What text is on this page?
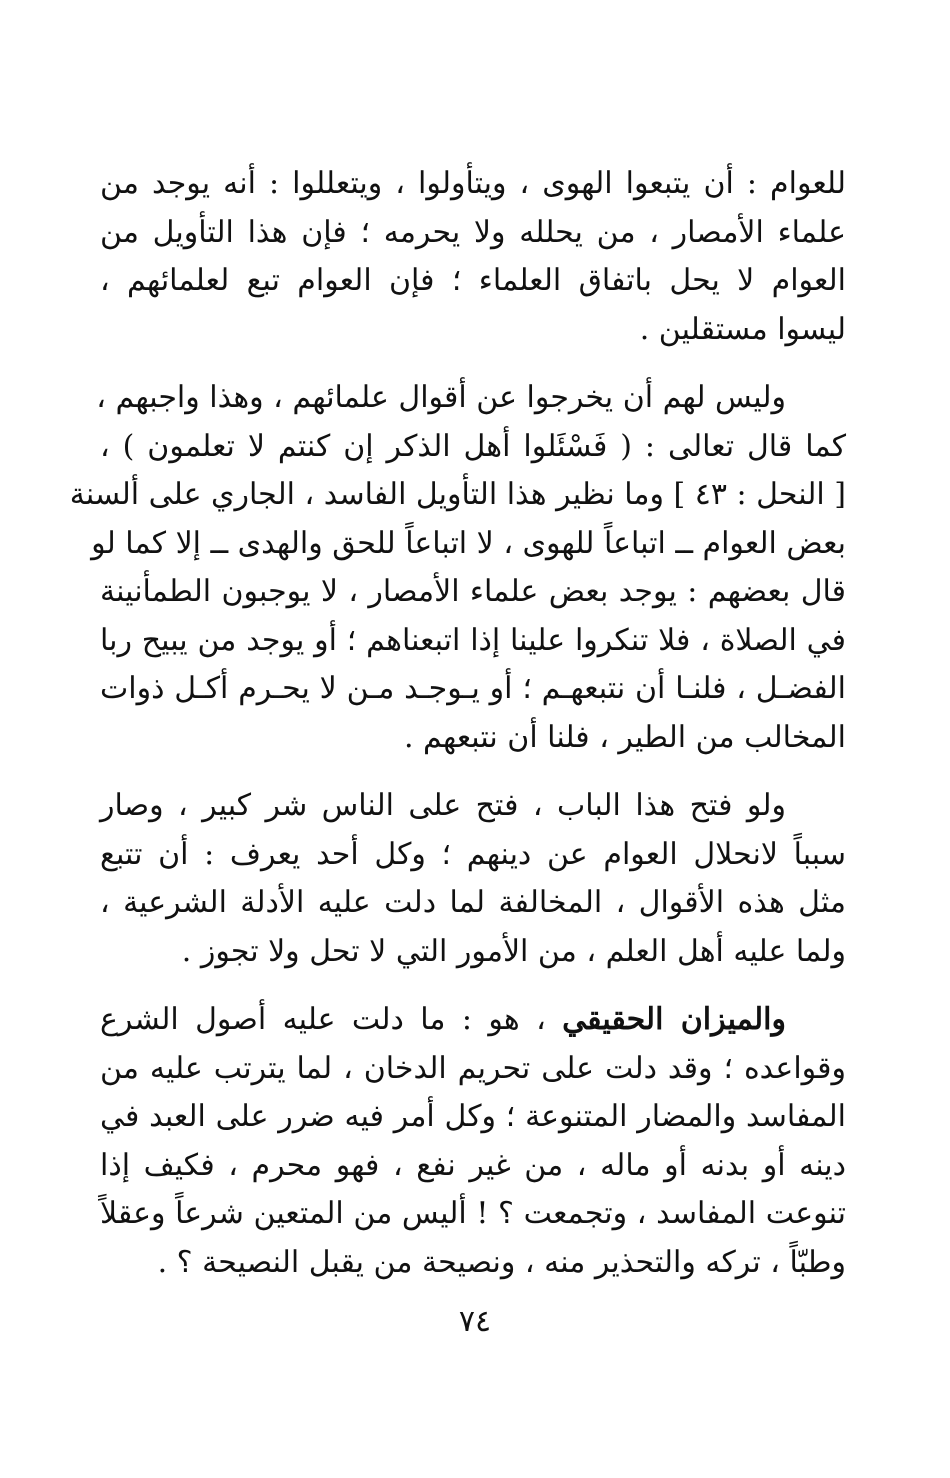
للعوام : أن يتبعوا الهوى ، ويتأولوا ، ويتعللوا : أنه يوجد من
علماء الأمصار ، من يحلله ولا يحرمه ؛ فإن هذا التأويل من
العوام لا يحل باتفاق العلماء ؛ فإن العوام تبع لعلمائهم ،
ليسوا مستقلين .

وليس لهم أن يخرجوا عن أقوال علمائهم ، وهذا واجبهم ،
كما قال تعالى : ( فَسْئَلوا أهل الذكر إن كنتم لا تعلمون ) ،
[ النحل : ٤٣ ] وما نظير هذا التأويل الفاسد ، الجاري على ألسنة
بعض العوام ــ اتباعاً للهوى ، لا اتباعاً للحق والهدى ــ إلا كما لو
قال بعضهم : يوجد بعض علماء الأمصار ، لا يوجبون الطمأنينة
في الصلاة ، فلا تنكروا علينا إذا اتبعناهم ؛ أو يوجد من يبيح ربا
الفضـل ، فلنـا أن نتبعهـم ؛ أو يـوجـد مـن لا يحـرم أكـل ذوات
المخالب من الطير ، فلنا أن نتبعهم .

ولو فتح هذا الباب ، فتح على الناس شر كبير ، وصار
سبباً لانحلال العوام عن دينهم ؛ وكل أحد يعرف : أن تتبع
مثل هذه الأقوال ، المخالفة لما دلت عليه الأدلة الشرعية ،
ولما عليه أهل العلم ، من الأمور التي لا تحل ولا تجوز .

والميزان الحقيقي ، هو : ما دلت عليه أصول الشرع
وقواعده ؛ وقد دلت على تحريم الدخان ، لما يترتب عليه من
المفاسد والمضار المتنوعة ؛ وكل أمر فيه ضرر على العبد في
دينه أو بدنه أو ماله ، من غير نفع ، فهو محرم ، فكيف إذا
تنوعت المفاسد ، وتجمعت ؟ ! أليس من المتعين شرعاً وعقلاً
وطبّاً ، تركه والتحذير منه ، ونصيحة من يقبل النصيحة ؟ .

٧٤
